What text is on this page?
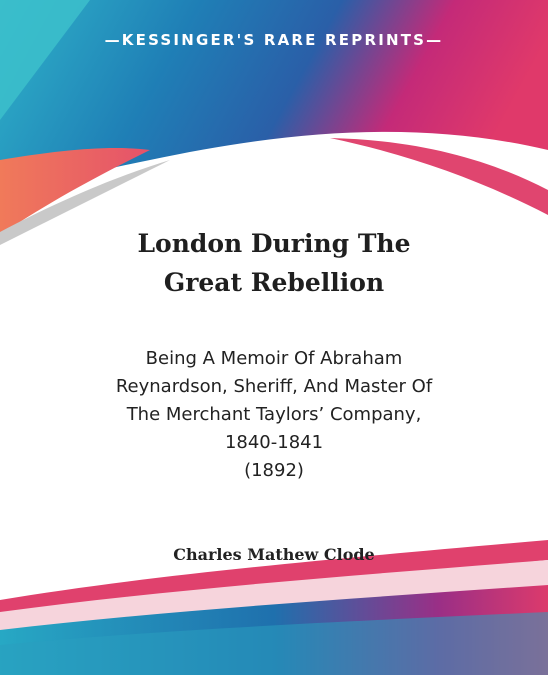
—KESSINGER'S RARE REPRINTS—
London During The
Great Rebellion
Being A Memoir Of Abraham
Reynardson, Sheriff, And Master Of
The Merchant Taylors’ Company,
1840-1841
(1892)
Charles Mathew Clode
